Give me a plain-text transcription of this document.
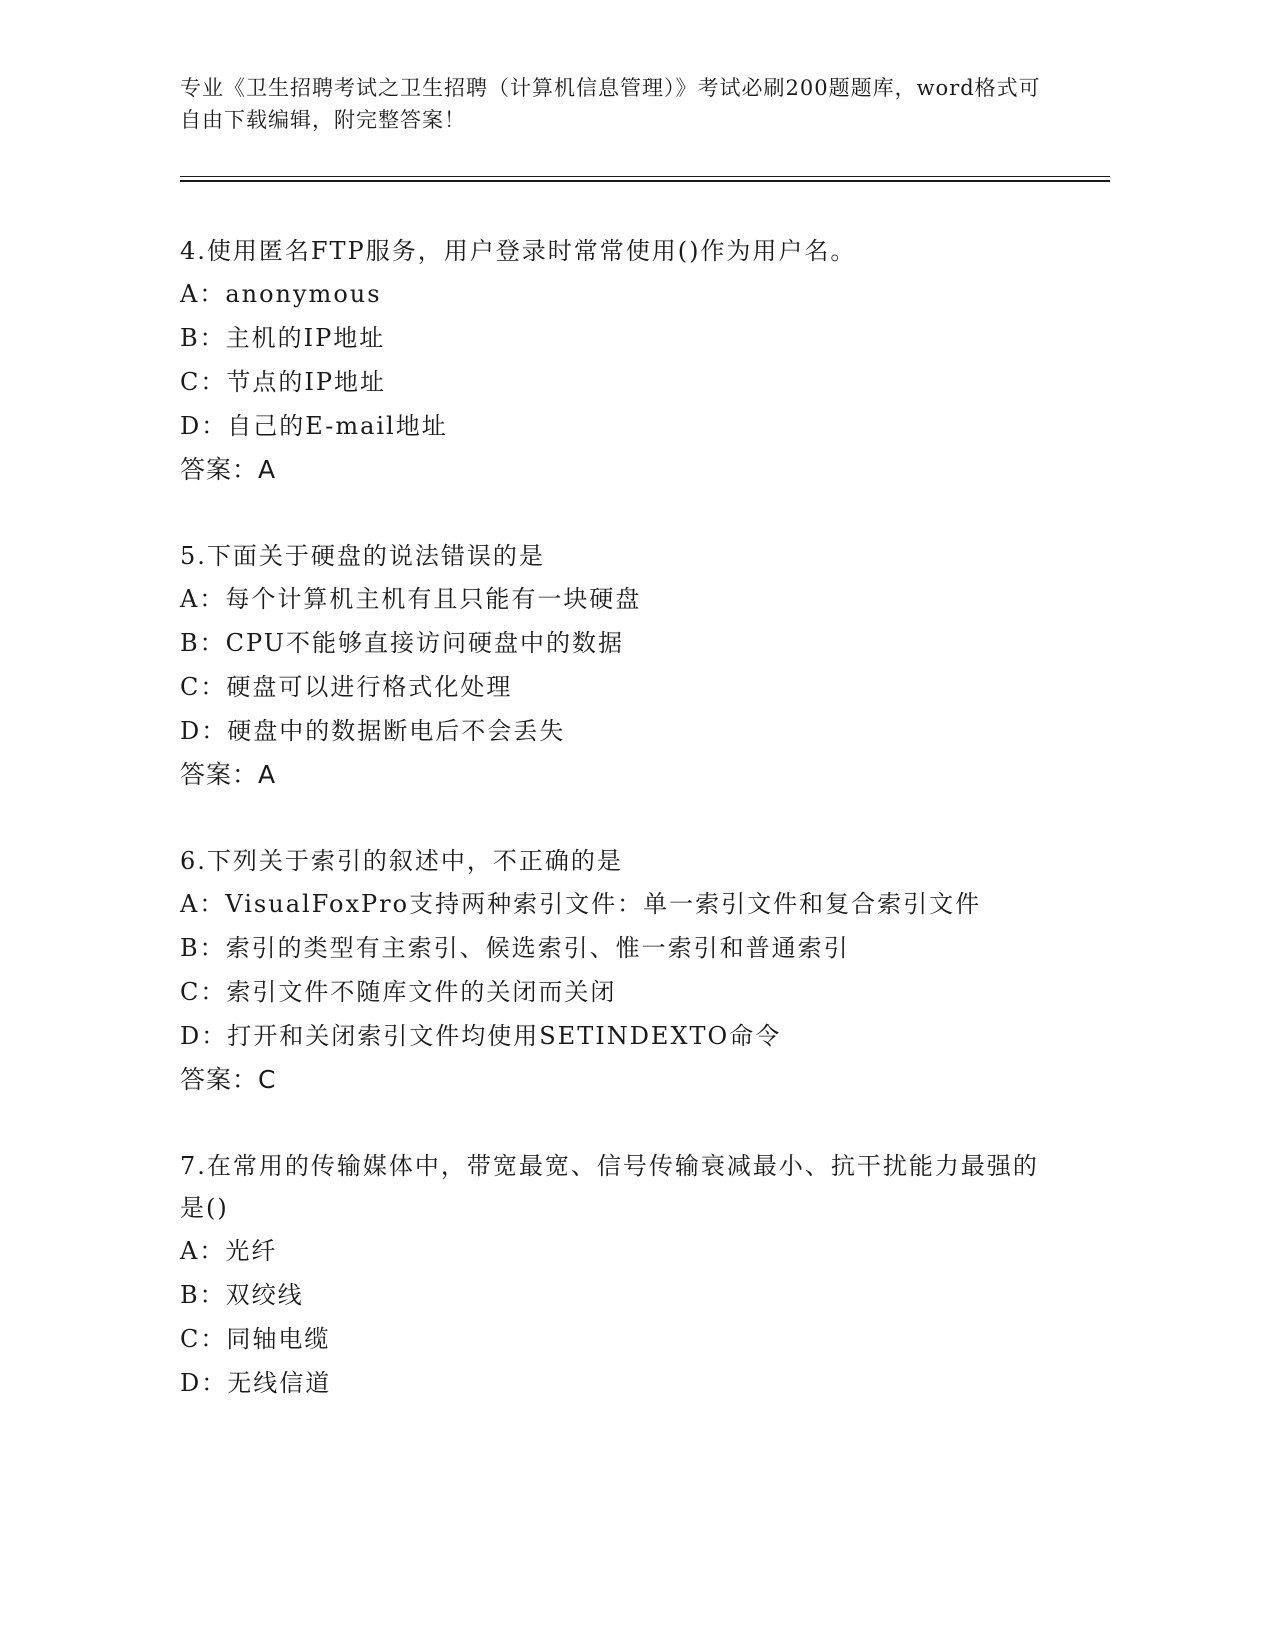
专业《卫生招聘考试之卫生招聘（计算机信息管理）》考试必刷200题题库，word格式可自由下载编辑，附完整答案！
4.使用匿名FTP服务，用户登录时常常使用()作为用户名。
A：anonymous
B：主机的IP地址
C：节点的IP地址
D：自己的E-mail地址
答案：A
5.下面关于硬盘的说法错误的是
A：每个计算机主机有且只能有一块硬盘
B：CPU不能够直接访问硬盘中的数据
C：硬盘可以进行格式化处理
D：硬盘中的数据断电后不会丢失
答案：A
6.下列关于索引的叙述中，不正确的是
A：VisualFoxPro支持两种索引文件：单一索引文件和复合索引文件
B：索引的类型有主索引、候选索引、惟一索引和普通索引
C：索引文件不随库文件的关闭而关闭
D：打开和关闭索引文件均使用SETINDEXTO命令
答案：C
7.在常用的传输媒体中，带宽最宽、信号传输衰减最小、抗干扰能力最强的是()
A：光纤
B：双绞线
C：同轴电缆
D：无线信道
